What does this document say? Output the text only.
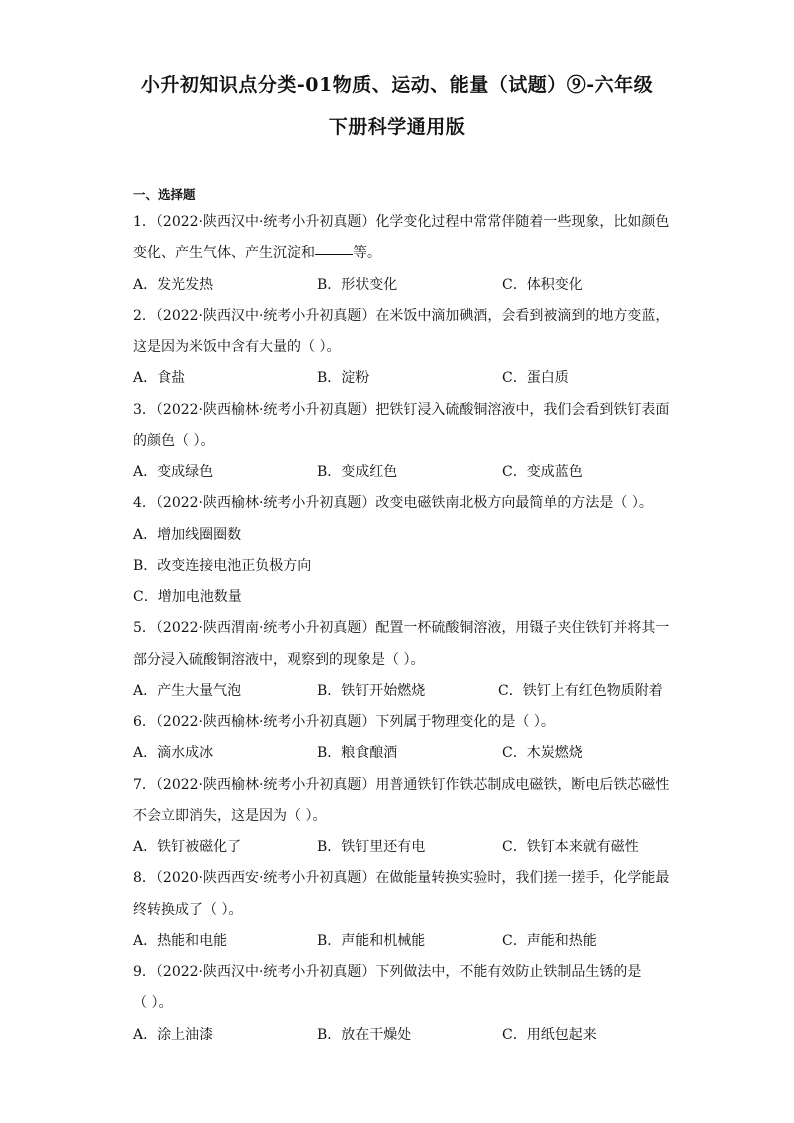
小升初知识点分类-01物质、运动、能量（试题）⑨-六年级
下册科学通用版
一、选择题
1．（2022·陕西汉中·统考小升初真题）化学变化过程中常常伴随着一些现象，比如颜色
变化、产生气体、产生沉淀和	等。
A．发光发热	B．形状变化	C．体积变化
2．（2022·陕西汉中·统考小升初真题）在米饭中滴加碘酒，会看到被滴到的地方变蓝，
这是因为米饭中含有大量的（ ）。
A．食盐	B．淀粉	C．蛋白质
3．（2022·陕西榆林·统考小升初真题）把铁钉浸入硫酸铜溶液中，我们会看到铁钉表面
的颜色（ ）。
A．变成绿色	B．变成红色	C．变成蓝色
4．（2022·陕西榆林·统考小升初真题）改变电磁铁南北极方向最简单的方法是（ ）。
A．增加线圈圈数
B．改变连接电池正负极方向
C．增加电池数量
5．（2022·陕西渭南·统考小升初真题）配置一杯硫酸铜溶液，用镊子夹住铁钉并将其一
部分浸入硫酸铜溶液中，观察到的现象是（ ）。
A．产生大量气泡	B．铁钉开始燃烧	C．铁钉上有红色物质附着
6．（2022·陕西榆林·统考小升初真题）下列属于物理变化的是（ ）。
A．滴水成冰	B．粮食酿酒	C．木炭燃烧
7．（2022·陕西榆林·统考小升初真题）用普通铁钉作铁芯制成电磁铁，断电后铁芯磁性
不会立即消失，这是因为（ ）。
A．铁钉被磁化了	B．铁钉里还有电	C．铁钉本来就有磁性
8．（2020·陕西西安·统考小升初真题）在做能量转换实验时，我们搓一搓手，化学能最
终转换成了（ ）。
A．热能和电能	B．声能和机械能	C．声能和热能
9．（2022·陕西汉中·统考小升初真题）下列做法中，不能有效防止铁制品生锈的是
（ ）。
A．涂上油漆	B．放在干燥处	C．用纸包起来
